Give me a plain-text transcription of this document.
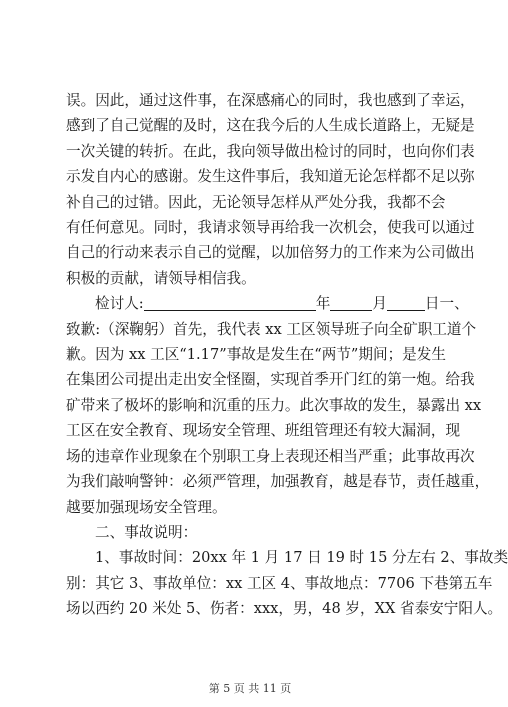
误。因此，通过这件事，在深感痛心的同时，我也感到了幸运，
感到了自己觉醒的及时，这在我今后的人生成长道路上，无疑是
一次关键的转折。在此，我向领导做出检讨的同时，也向你们表
示发自内心的感谢。发生这件事后，我知道无论怎样都不足以弥
补自己的过错。因此，无论领导怎样从严处分我，我都不会
有任何意见。同时，我请求领导再给我一次机会，使我可以通过
自己的行动来表示自己的觉醒，以加倍努力的工作来为公司做出
积极的贡献，请领导相信我。
检讨人:	年	月	日一、
致歉:（深鞠躬）首先，我代表 xx 工区领导班子向全矿职工道个
歉。因为 xx 工区“1.17”事故是发生在“两节”期间；是发生
在集团公司提出走出安全怪圈，实现首季开门红的第一炮。给我
矿带来了极坏的影响和沉重的压力。此次事故的发生，暴露出 xx
工区在安全教育、现场安全管理、班组管理还有较大漏洞，现
场的违章作业现象在个别职工身上表现还相当严重；此事故再次
为我们敲响警钟：必须严管理，加强教育，越是春节，责任越重，
越要加强现场安全管理。
二、事故说明：
1、事故时间：20xx 年 1 月 17 日 19 时 15 分左右 2、事故类
别：其它 3、事故单位：xx 工区 4、事故地点：7706 下巷第五车
场以西约 20 米处 5、伤者：xxx，男，48 岁，XX 省泰安宁阳人。
第 5 页 共 11 页
